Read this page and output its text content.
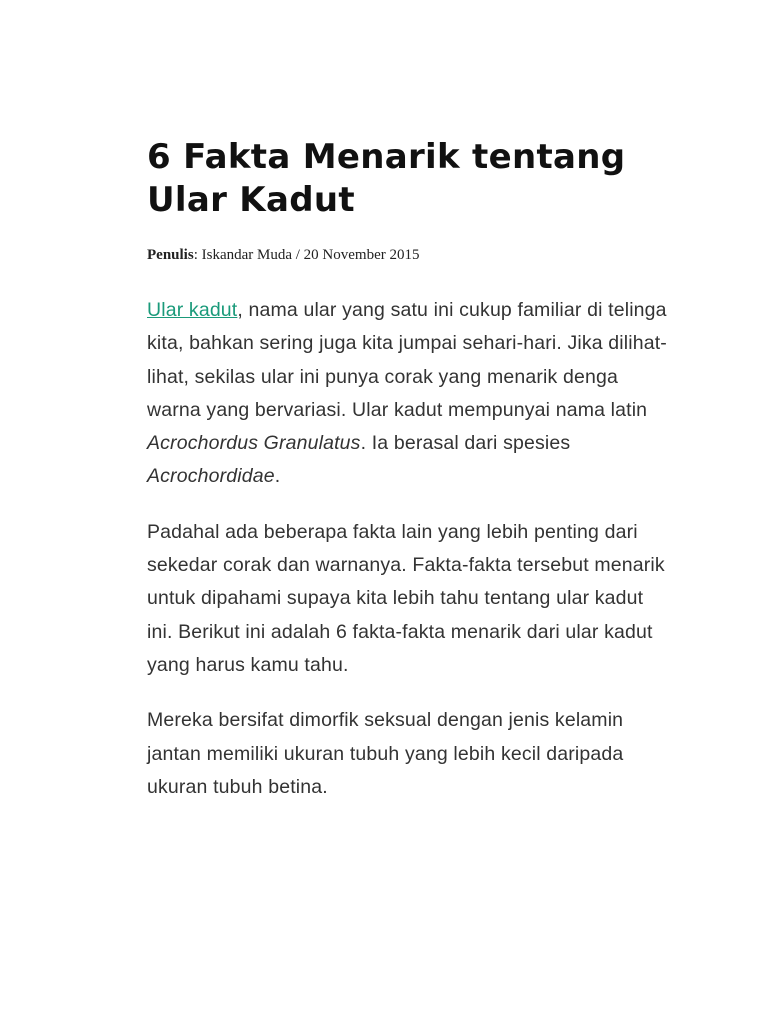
6 Fakta Menarik tentang Ular Kadut

Penulis: Iskandar Muda / 20 November 2015

Ular kadut, nama ular yang satu ini cukup familiar di telinga kita, bahkan sering juga kita jumpai sehari-hari. Jika dilihat-lihat, sekilas ular ini punya corak yang menarik denga warna yang bervariasi. Ular kadut mempunyai nama latin Acrochordus Granulatus. Ia berasal dari spesies Acrochordidae.

Padahal ada beberapa fakta lain yang lebih penting dari sekedar corak dan warnanya. Fakta-fakta tersebut menarik untuk dipahami supaya kita lebih tahu tentang ular kadut ini. Berikut ini adalah 6 fakta-fakta menarik dari ular kadut yang harus kamu tahu.

Mereka bersifat dimorfik seksual dengan jenis kelamin jantan memiliki ukuran tubuh yang lebih kecil daripada ukuran tubuh betina.
